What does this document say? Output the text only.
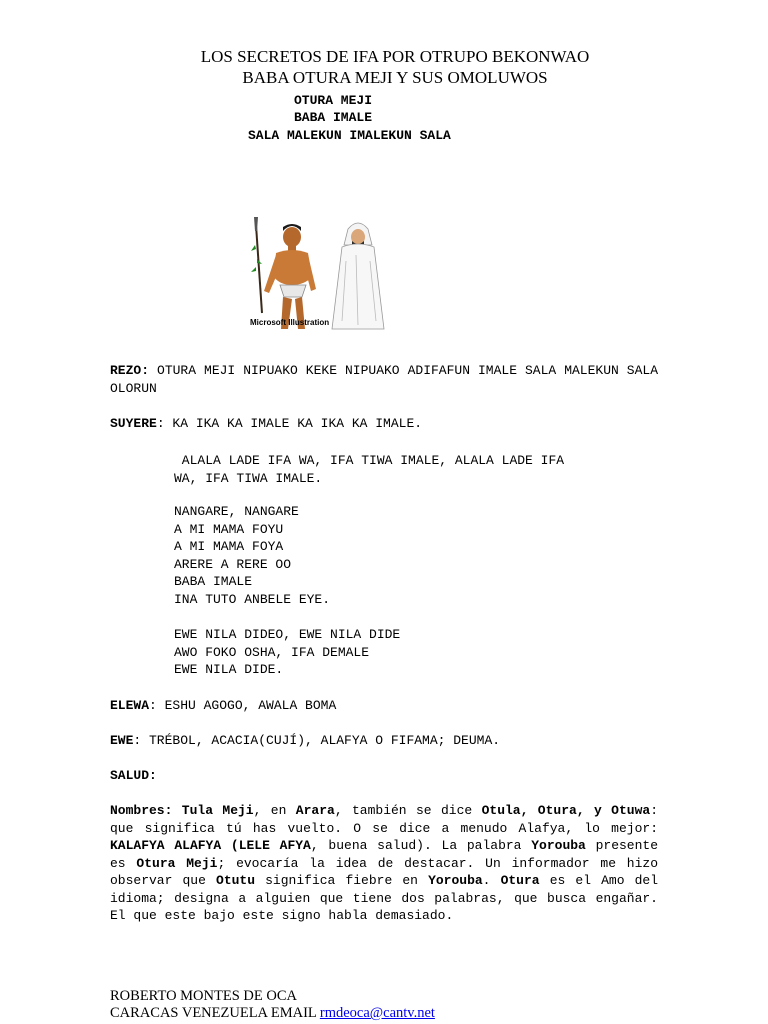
LOS SECRETOS DE IFA POR OTRUPO BEKONWAO
BABA OTURA MEJI Y SUS OMOLUWOS
OTURA MEJI
BABA IMALE
SALA MALEKUN IMALEKUN SALA
Microsoft Illustration
REZO: OTURA MEJI NIPUAKO KEKE NIPUAKO ADIFAFUN IMALE SALA MALEKUN SALA OLORUN
SUYERE: KA IKA KA IMALE KA IKA KA IMALE.
ALALA LADE IFA WA, IFA TIWA IMALE, ALALA LADE IFA
WA, IFA TIWA IMALE.
NANGARE, NANGARE
A MI MAMA FOYU
A MI MAMA FOYA
ARERE A RERE OO
BABA IMALE
INA TUTO ANBELE EYE.
EWE NILA DIDEO, EWE NILA DIDE
AWO FOKO OSHA, IFA DEMALE
EWE NILA DIDE.
ELEWA: ESHU AGOGO, AWALA BOMA
EWE: TRÉBOL, ACACIA(CUJÍ), ALAFYA O FIFAMA; DEUMA.
SALUD:
Nombres: Tula Meji, en Arara, también se dice Otula, Otura, y Otuwa: que significa tú has vuelto. O se dice a menudo Alafya, lo mejor: KALAFYA ALAFYA (LELE AFYA, buena salud). La palabra Yorouba presente es Otura Meji; evocaría la idea de destacar. Un informador me hizo observar que Otutu significa fiebre en Yorouba. Otura es el Amo del idioma; designa a alguien que tiene dos palabras, que busca engañar. El que este bajo este signo habla demasiado.
ROBERTO MONTES DE OCA
CARACAS VENEZUELA EMAIL rmdeoca@cantv.net
